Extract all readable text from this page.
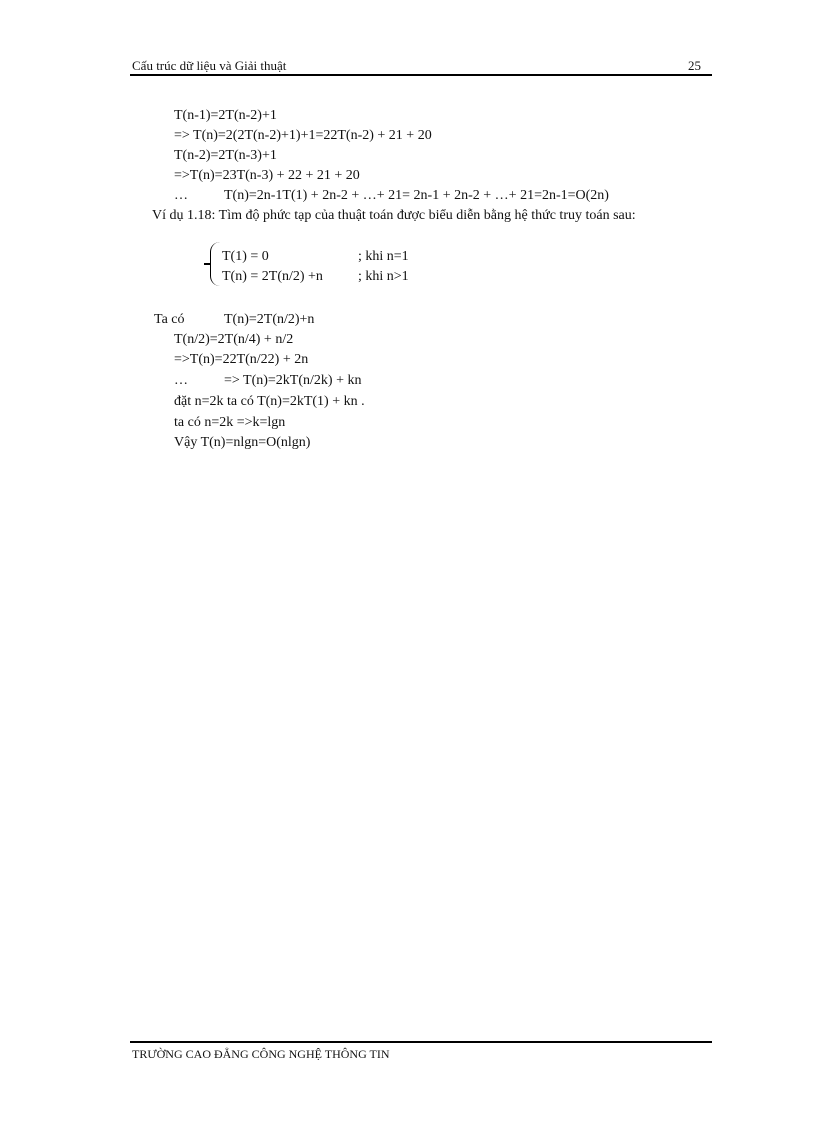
Cấu trúc dữ liệu và Giải thuật	25
T(n-1)=2T(n-2)+1
=> T(n)=2(2T(n-2)+1)+1=22T(n-2) + 21 + 20
T(n-2)=2T(n-3)+1
=>T(n)=23T(n-3) + 22 + 21 + 20
…	T(n)=2n-1T(1) + 2n-2 + …+ 21= 2n-1 + 2n-2 + …+ 21=2n-1=O(2n)
Ví dụ 1.18: Tìm độ phức tạp của thuật toán được biểu diễn bằng hệ thức truy toán sau:
T(1) = 0	; khi n=1
T(n) = 2T(n/2) +n	; khi n>1
Ta có	T(n)=2T(n/2)+n
T(n/2)=2T(n/4) + n/2
=>T(n)=22T(n/22) + 2n
…	=> T(n)=2kT(n/2k) + kn
đặt n=2k ta có T(n)=2kT(1) + kn .
ta có n=2k =>k=lgn
Vậy T(n)=nlgn=O(nlgn)
TRƯỜNG CAO ĐẲNG CÔNG NGHỆ THÔNG TIN
